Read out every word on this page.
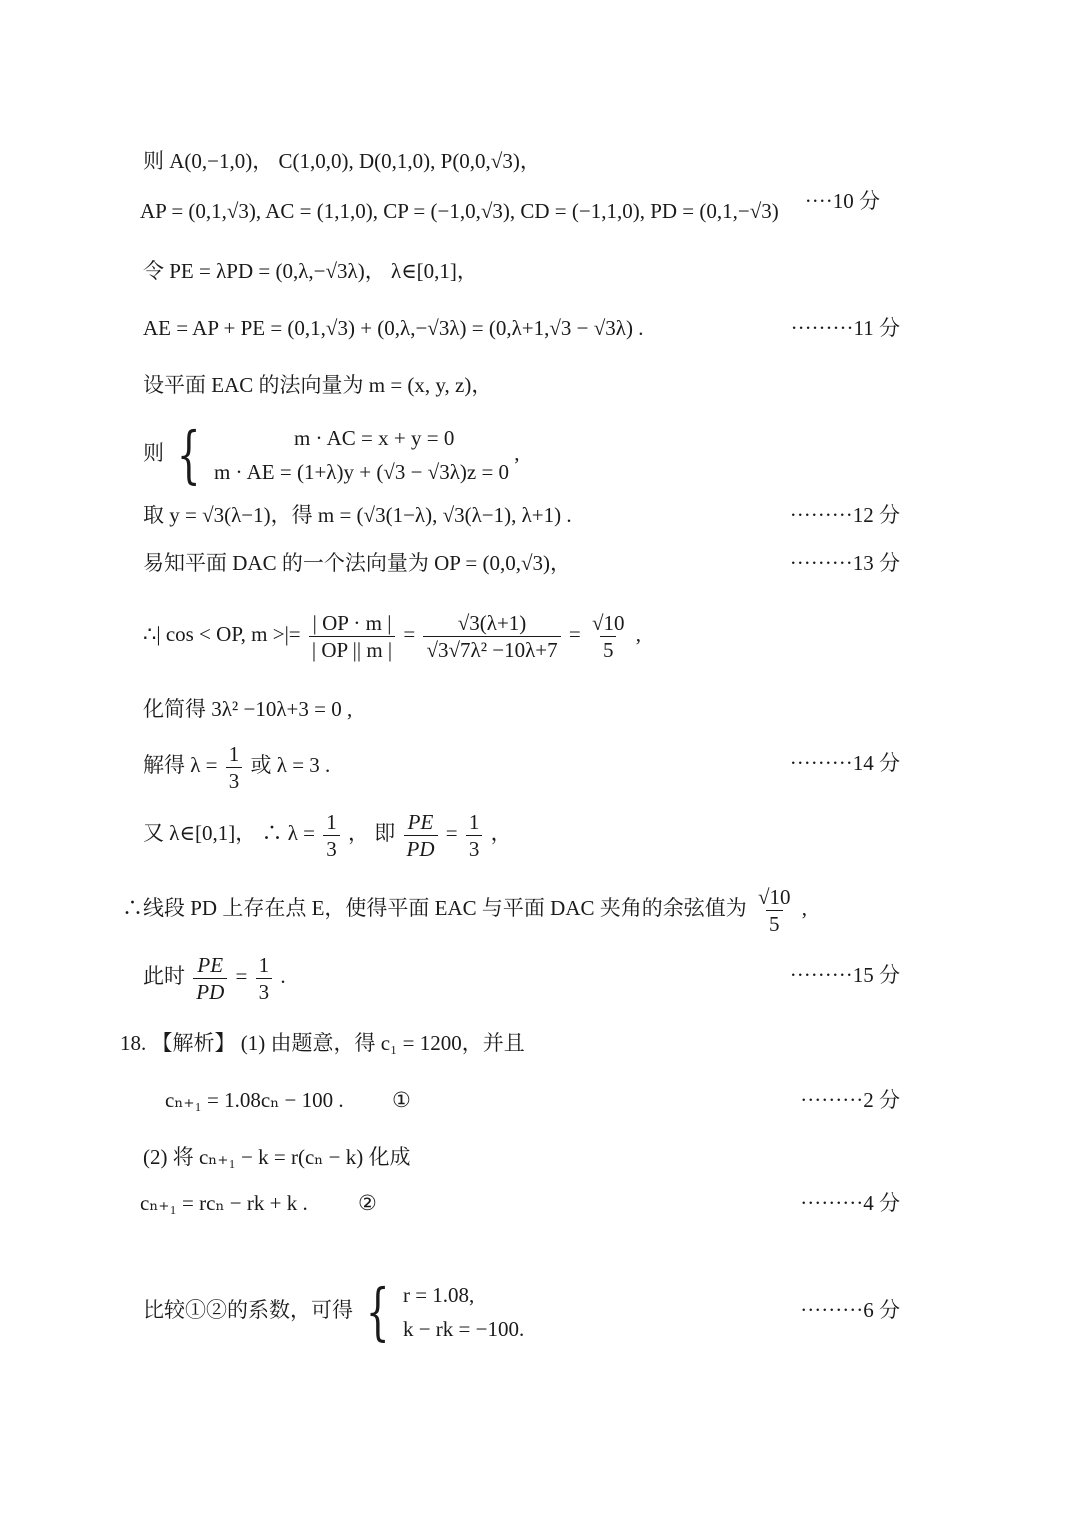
则 A(0,−1,0)， C(1,0,0), D(0,1,0), P(0,0,√3)，
AP = (0,1,√3), AC = (1,1,0), CP = (−1,0,√3), CD = (−1,1,0), PD = (0,1,−√3) ····10 分
令 PE = λPD = (0,λ,−√3λ)， λ∈[0,1]，
AE = AP + PE = (0,1,√3) + (0,λ,−√3λ) = (0,λ+1,√3 − √3λ) .	·········11 分
设平面 EAC 的法向量为 m = (x, y, z)，
则 {	m · AC = x + y = 0
m · AE = (1+λ)y + (√3 − √3λ)z = 0
,
取 y = √3(λ−1)，得 m = (√3(1−λ), √3(λ−1), λ+1) .	·········12 分
易知平面 DAC 的一个法向量为 OP = (0,0,√3)，	·········13 分
∴| cos < OP, m >|= $\frac{| OP \cdot m |}{| OP || m |} = \frac{√3(\lambda+1)}{\text{√3√7λ² −10λ+7}} = \frac{√10}{5}$ ,
化简得 3λ² −10λ+3 = 0 ,
解得 $\lambda = \frac{1}{3}$ 或 λ = 3 .	·········14 分
又 λ∈[0,1]， ∴ $\lambda = \frac{1}{3}$ ， 即 $\frac{PE}{PD} = \frac{1}{3}$ ，
∴线段 PD 上存在点 E，使得平面 EAC 与平面 DAC 夹角的余弦值为 $\frac{√10}{5}$ ,
此时 $\frac{PE}{PD} = \frac{1}{3}$ .	·········15 分
18. 【解析】 (1) 由题意，得 c₁ = 1200，并且
cₙ₊₁ = 1.08cₙ − 100 . ①	·········2 分
(2) 将 cₙ₊₁ − k = r(cₙ − k) 化成
cₙ₊₁ = rcₙ − rk + k . ②	·········4 分
比较①②的系数，可得 { r = 1.08,
k − rk = −100.
·········6 分
